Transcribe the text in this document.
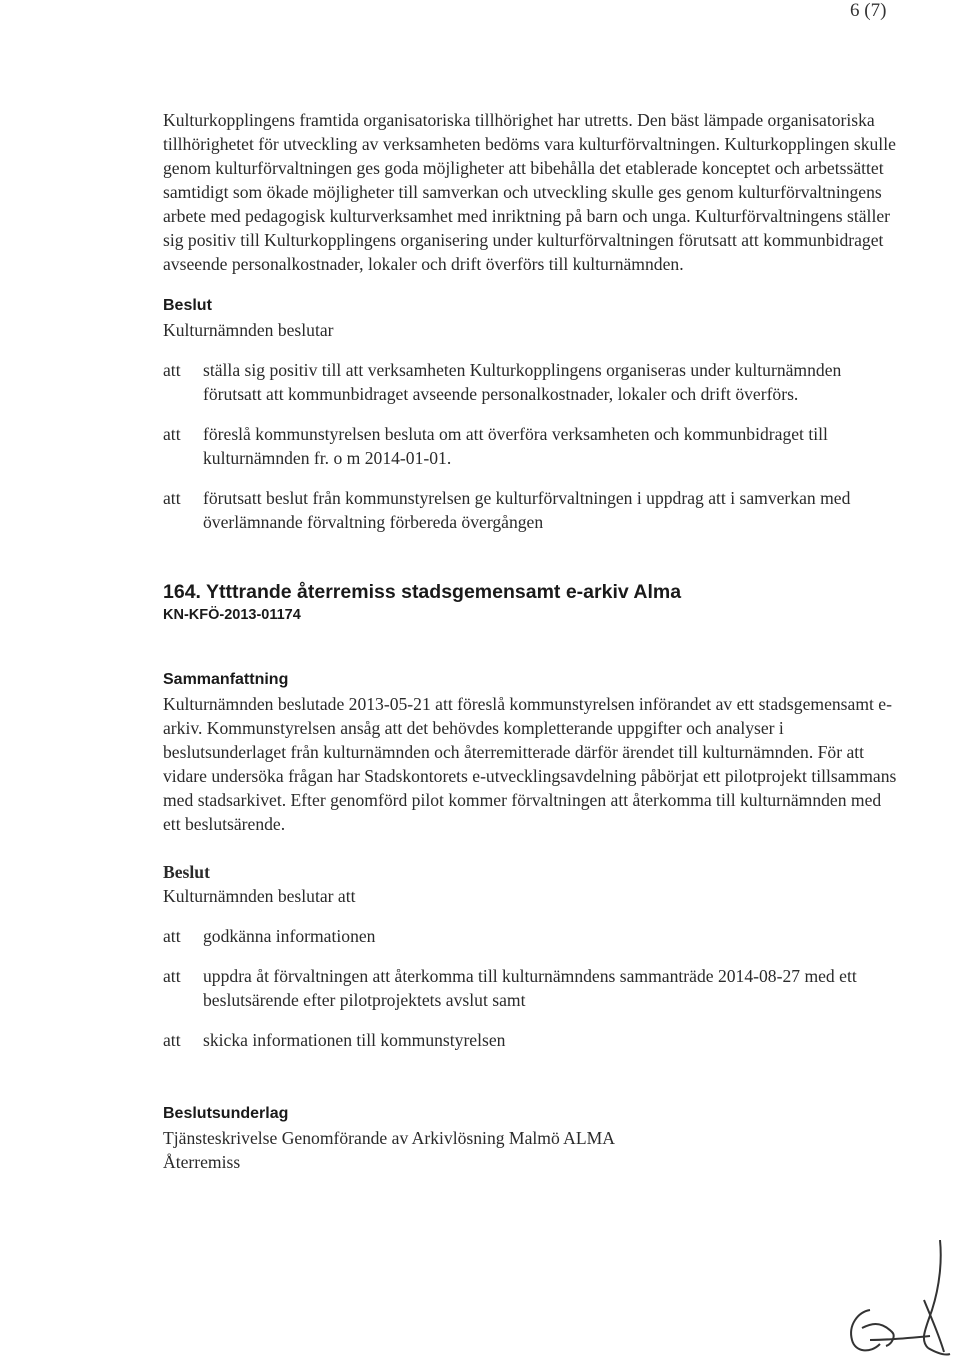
6 (7)

Kulturkopplingens framtida organisatoriska tillhörighet har utretts. Den bäst lämpade organisatoriska tillhörighetet för utveckling av verksamheten bedöms vara kulturförvaltningen. Kulturkopplingen skulle genom kulturförvaltningen ges goda möjligheter att bibehålla det etablerade konceptet och arbetssättet samtidigt som ökade möjligheter till samverkan och utveckling skulle ges genom kulturförvaltningens arbete med pedagogisk kulturverksamhet med inriktning på barn och unga. Kulturförvaltningens ställer sig positiv till Kulturkopplingens organisering under kulturförvaltningen förutsatt att kommunbidraget avseende personalkostnader, lokaler och drift överförs till kulturnämnden.

Beslut

Kulturnämnden beslutar

att	ställa sig positiv till att verksamheten Kulturkopplingens organiseras under kulturnämnden förutsatt att kommunbidraget avseende personalkostnader, lokaler och drift överförs.
att	föreslå kommunstyrelsen besluta om att överföra verksamheten och kommunbidraget till kulturnämnden fr. o m 2014-01-01.
att	förutsatt beslut från kommunstyrelsen ge kulturförvaltningen i uppdrag att i samverkan med överlämnande förvaltning förbereda övergången

164. Ytttrande återremiss stadsgemensamt e-arkiv Alma

KN-KFÖ-2013-01174

Sammanfattning

Kulturnämnden beslutade 2013-05-21 att föreslå kommunstyrelsen införandet av ett stadsgemensamt e-arkiv. Kommunstyrelsen ansåg att det behövdes kompletterande uppgifter och analyser i beslutsunderlaget från kulturnämnden och återremitterade därför ärendet till kulturnämnden. För att vidare undersöka frågan har Stadskontorets e-utvecklingsavdelning påbörjat ett pilotprojekt tillsammans med stadsarkivet. Efter genomförd pilot kommer förvaltningen att återkomma till kulturnämnden med ett beslutsärende.

Beslut

Kulturnämnden beslutar att

att	godkänna informationen
att	uppdra åt förvaltningen att återkomma till kulturnämndens sammanträde 2014-08-27 med ett beslutsärende efter pilotprojektets avslut samt
att	skicka informationen till kommunstyrelsen

Beslutsunderlag

Tjänsteskrivelse Genomförande av Arkivlösning Malmö ALMA

Återremiss
